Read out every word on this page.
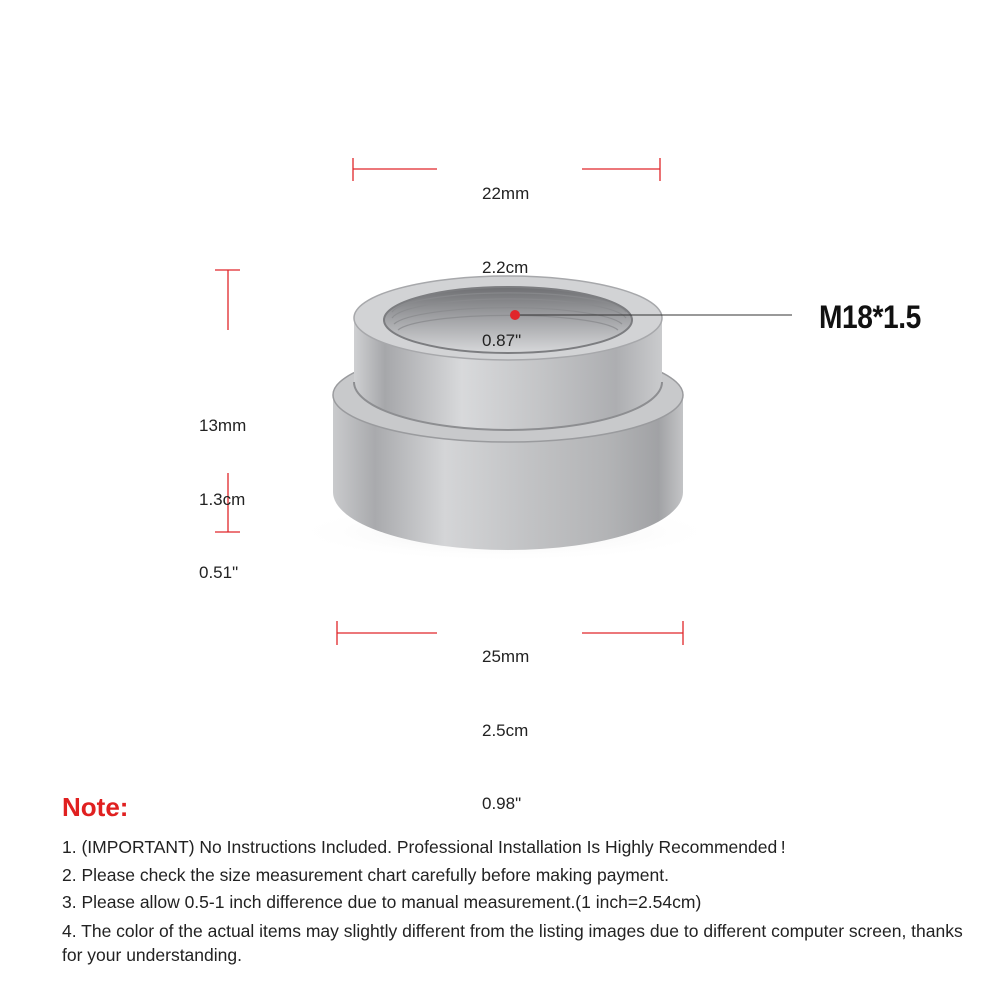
22mm

2.2cm

0.87"

13mm

1.3cm

0.51"

25mm

2.5cm

0.98"

M18*1.5
Note:

1. (IMPORTANT) No Instructions Included. Professional Installation Is Highly Recommended !

2. Please check the size measurement chart carefully before making payment.

3. Please allow 0.5-1 inch difference due to manual measurement.(1 inch=2.54cm)

4. The color of the actual items may slightly different from the listing images due to different computer screen, thanks for your understanding.
